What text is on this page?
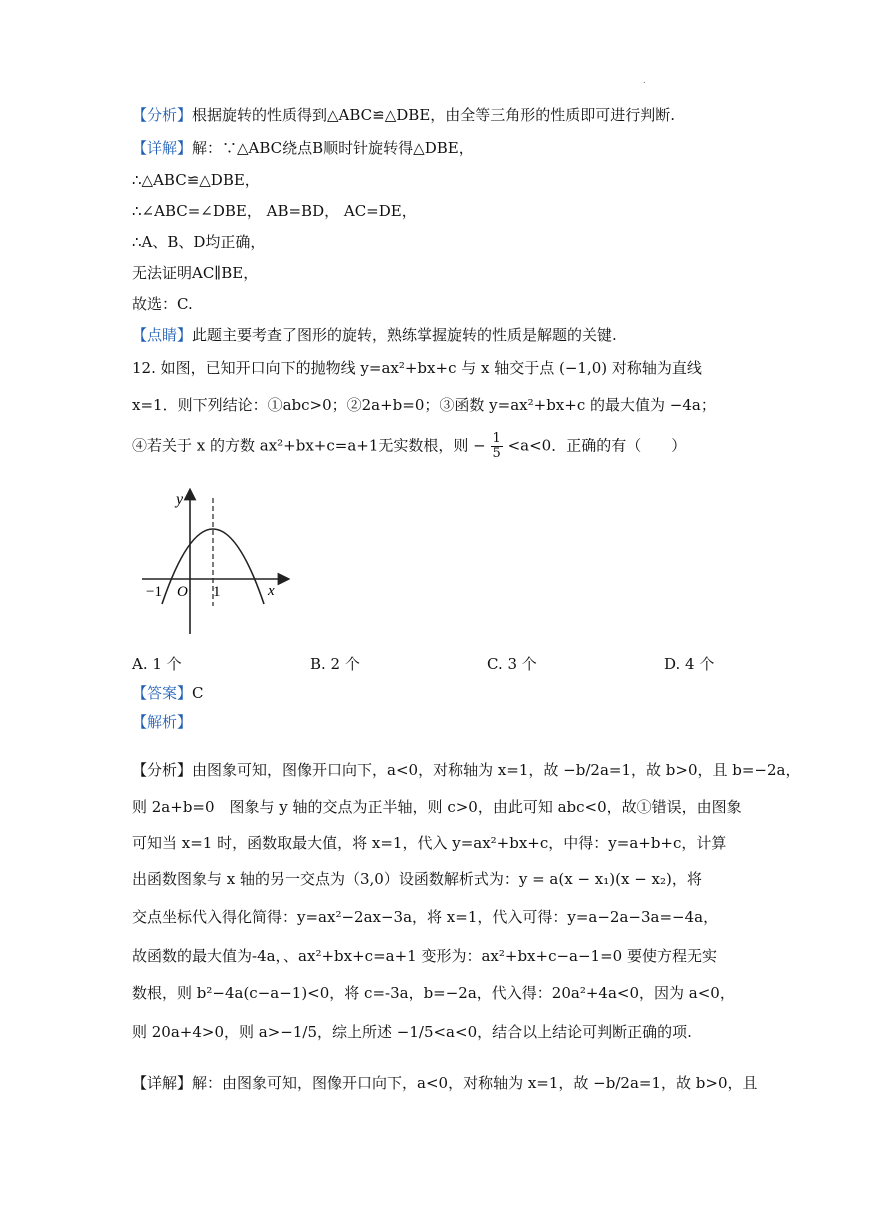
.
【分析】根据旋转的性质得到△ABC≌△DBE，由全等三角形的性质即可进行判断.
【详解】解：∵△ABC绕点B顺时针旋转得△DBE，
∴△ABC≌△DBE，
∴∠ABC=∠DBE， AB=BD， AC=DE，
∴A、B、D均正确，
无法证明AC∥BE，
故选：C.
【点睛】此题主要考查了图形的旋转，熟练掌握旋转的性质是解题的关键.
12. 如图，已知开口向下的抛物线 y=ax²+bx+c 与 x 轴交于点 (−1,0) 对称轴为直线
x=1．则下列结论：①abc>0；②2a+b=0；③函数 y=ax²+bx+c 的最大值为 −4a；
④若关于 x 的方数 ax²+bx+c=a+1无实数根，则 − $\frac{1}{5} <a<0$．正确的有（　　）
y
x
O
−1	1
A. 1 个	B. 2 个	C. 3 个	D. 4 个
【答案】C
【解析】
【分析】由图象可知，图像开口向下，a<0，对称轴为 x=1，故 −b/2a=1，故 b>0，且 b=−2a，
则 2a+b=0　图象与 y 轴的交点为正半轴，则 c>0，由此可知 abc<0，故①错误，由图象
可知当 x=1 时，函数取最大值，将 x=1，代入 y=ax²+bx+c，中得：y=a+b+c，计算
出函数图象与 x 轴的另一交点为（3,0）设函数解析式为：y = a(x − x₁)(x − x₂)，将
交点坐标代入得化简得：y=ax²−2ax−3a，将 x=1，代入可得：y=a−2a−3a=−4a，
故函数的最大值为-4a，、ax²+bx+c=a+1 变形为：ax²+bx+c−a−1=0 要使方程无实
数根，则 b²−4a(c−a−1)<0，将 c=-3a，b=−2a，代入得：20a²+4a<0，因为 a<0，
则 20a+4>0，则 a>−1/5，综上所述 −1/5<a<0，结合以上结论可判断正确的项.
【详解】解：由图象可知，图像开口向下，a<0，对称轴为 x=1，故 −b/2a=1，故 b>0，且
